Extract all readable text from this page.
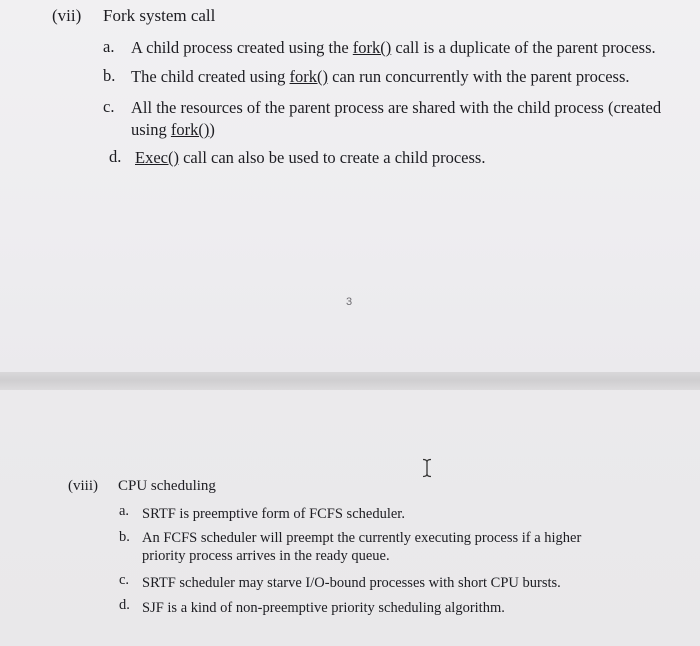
(vii) Fork system call
a. A child process created using the fork() call is a duplicate of the parent process.
b. The child created using fork() can run concurrently with the parent process.
c. All the resources of the parent process are shared with the child process (created using fork())
d. Exec() call can also be used to create a child process.
3
(viii) CPU scheduling
a. SRTF is preemptive form of FCFS scheduler.
b. An FCFS scheduler will preempt the currently executing process if a higher priority process arrives in the ready queue.
c. SRTF scheduler may starve I/O-bound processes with short CPU bursts.
d. SJF is a kind of non-preemptive priority scheduling algorithm.
